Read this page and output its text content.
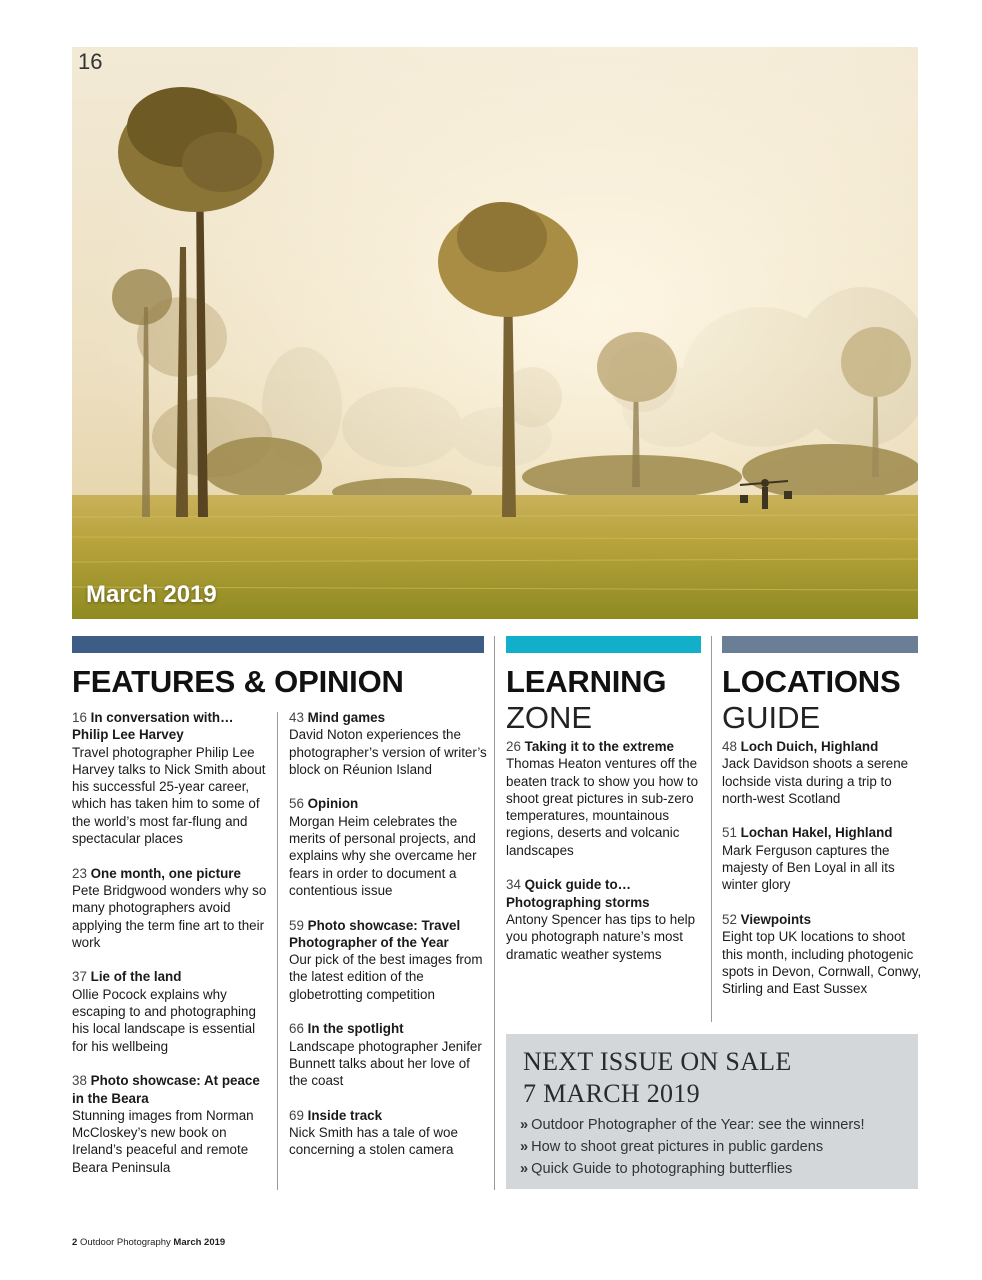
16
March 2019
FEATURES & OPINION
16 In conversation with… Philip Lee Harvey
Travel photographer Philip Lee Harvey talks to Nick Smith about his successful 25-year career, which has taken him to some of the world’s most far-flung and spectacular places
23 One month, one picture
Pete Bridgwood wonders why so many photographers avoid applying the term fine art to their work
37 Lie of the land
Ollie Pocock explains why escaping to and photographing his local landscape is essential for his wellbeing
38 Photo showcase: At peace in the Beara
Stunning images from Norman McCloskey’s new book on Ireland’s peaceful and remote Beara Peninsula
43 Mind games
David Noton experiences the photographer’s version of writer’s block on Réunion Island
56 Opinion
Morgan Heim celebrates the merits of personal projects, and explains why she overcame her fears in order to document a contentious issue
59 Photo showcase: Travel Photographer of the Year
Our pick of the best images from the latest edition of the globetrotting competition
66 In the spotlight
Landscape photographer Jenifer Bunnett talks about her love of the coast
69 Inside track
Nick Smith has a tale of woe concerning a stolen camera
LEARNING
ZONE
26 Taking it to the extreme
Thomas Heaton ventures off the beaten track to show you how to shoot great pictures in sub-zero temperatures, mountainous regions, deserts and volcanic landscapes
34 Quick guide to… Photographing storms
Antony Spencer has tips to help you photograph nature’s most dramatic weather systems
LOCATIONS
GUIDE
48 Loch Duich, Highland
Jack Davidson shoots a serene lochside vista during a trip to north-west Scotland
51 Lochan Hakel, Highland
Mark Ferguson captures the majesty of Ben Loyal in all its winter glory
52 Viewpoints
Eight top UK locations to shoot this month, including photogenic spots in Devon, Cornwall, Conwy, Stirling and East Sussex
NEXT ISSUE ON SALE
7 MARCH 2019
» Outdoor Photographer of the Year: see the winners!
» How to shoot great pictures in public gardens
» Quick Guide to photographing butterflies
2 Outdoor Photography March 2019
